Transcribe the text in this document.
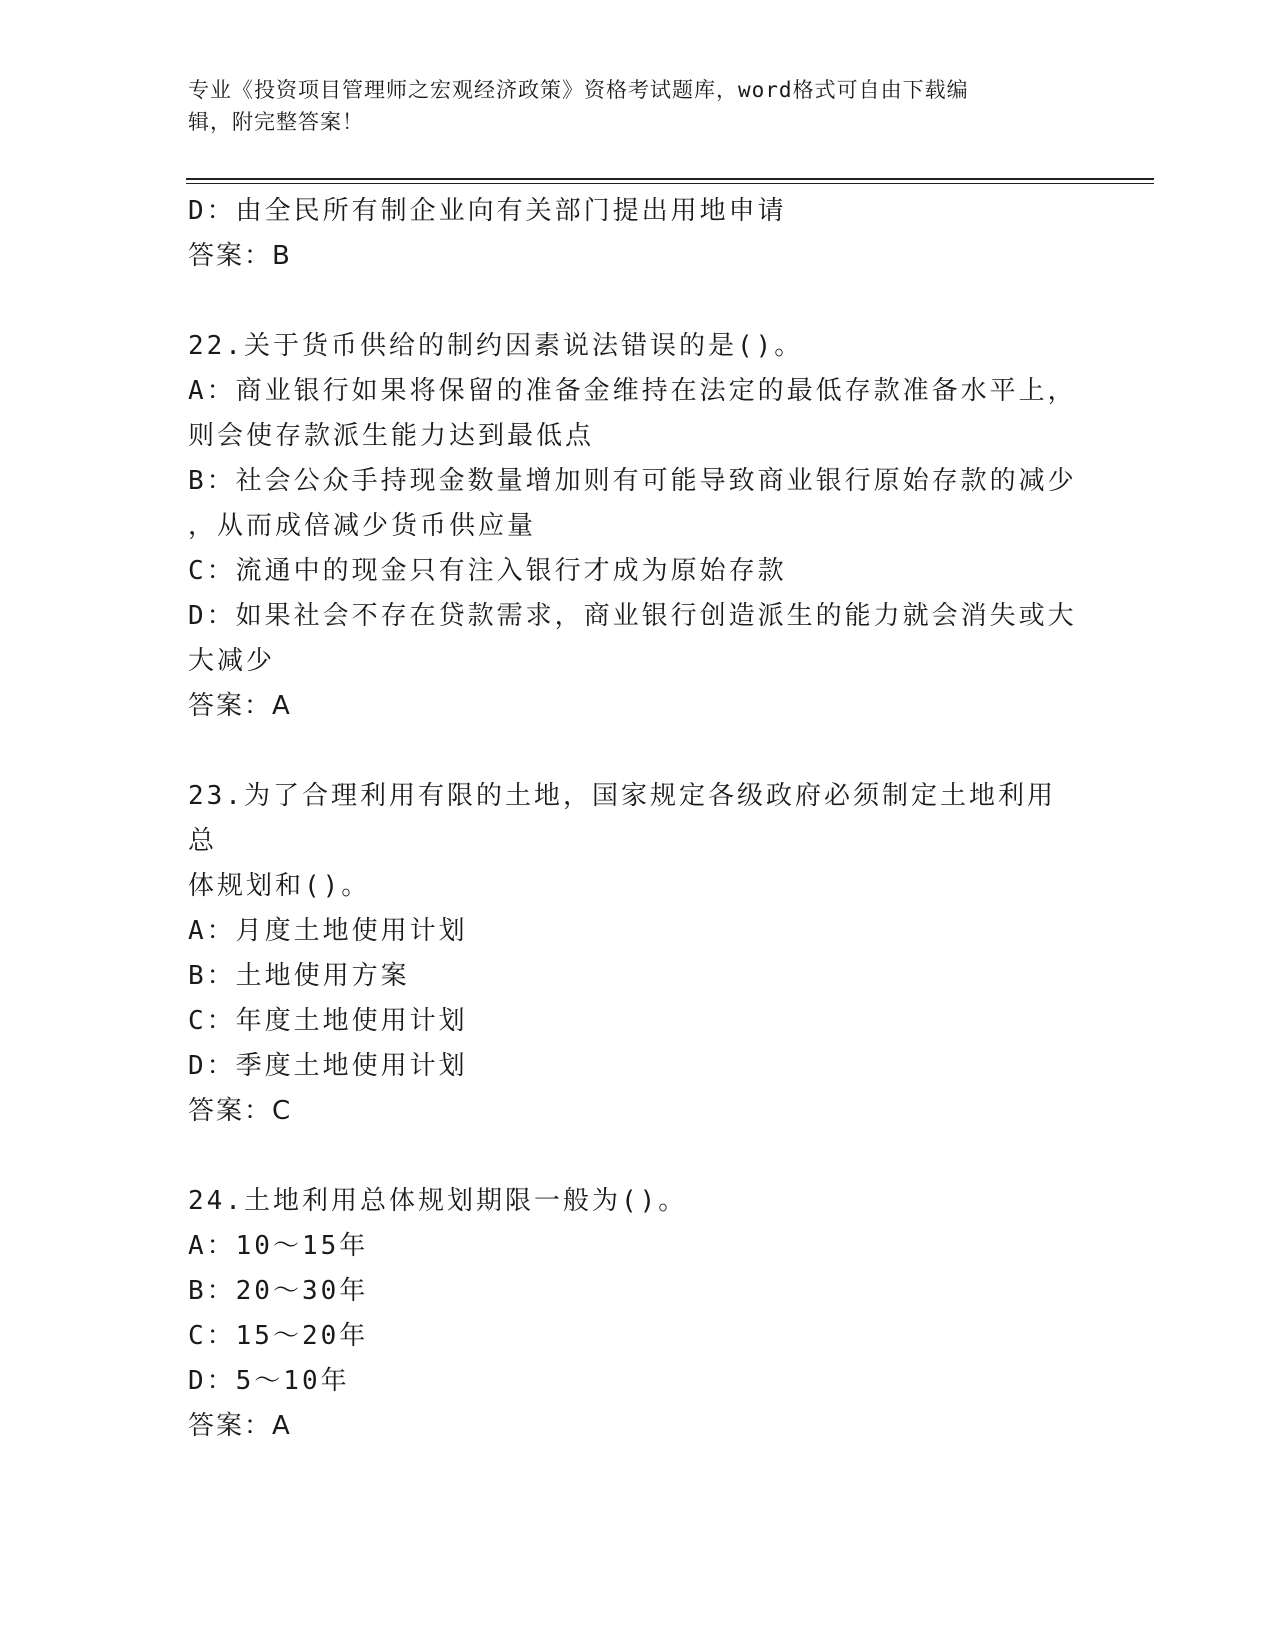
专业《投资项目管理师之宏观经济政策》资格考试题库，word格式可自由下载编
辑，附完整答案！
D：由全民所有制企业向有关部门提出用地申请
答案：B
22.关于货币供给的制约因素说法错误的是()。
A：商业银行如果将保留的准备金维持在法定的最低存款准备水平上，
则会使存款派生能力达到最低点
B：社会公众手持现金数量增加则有可能导致商业银行原始存款的减少
，从而成倍减少货币供应量
C：流通中的现金只有注入银行才成为原始存款
D：如果社会不存在贷款需求，商业银行创造派生的能力就会消失或大
大减少
答案：A
23.为了合理利用有限的土地，国家规定各级政府必须制定土地利用总
体规划和()。
A：月度土地使用计划
B：土地使用方案
C：年度土地使用计划
D：季度土地使用计划
答案：C
24.土地利用总体规划期限一般为()。
A：10～15年
B：20～30年
C：15～20年
D：5～10年
答案：A
